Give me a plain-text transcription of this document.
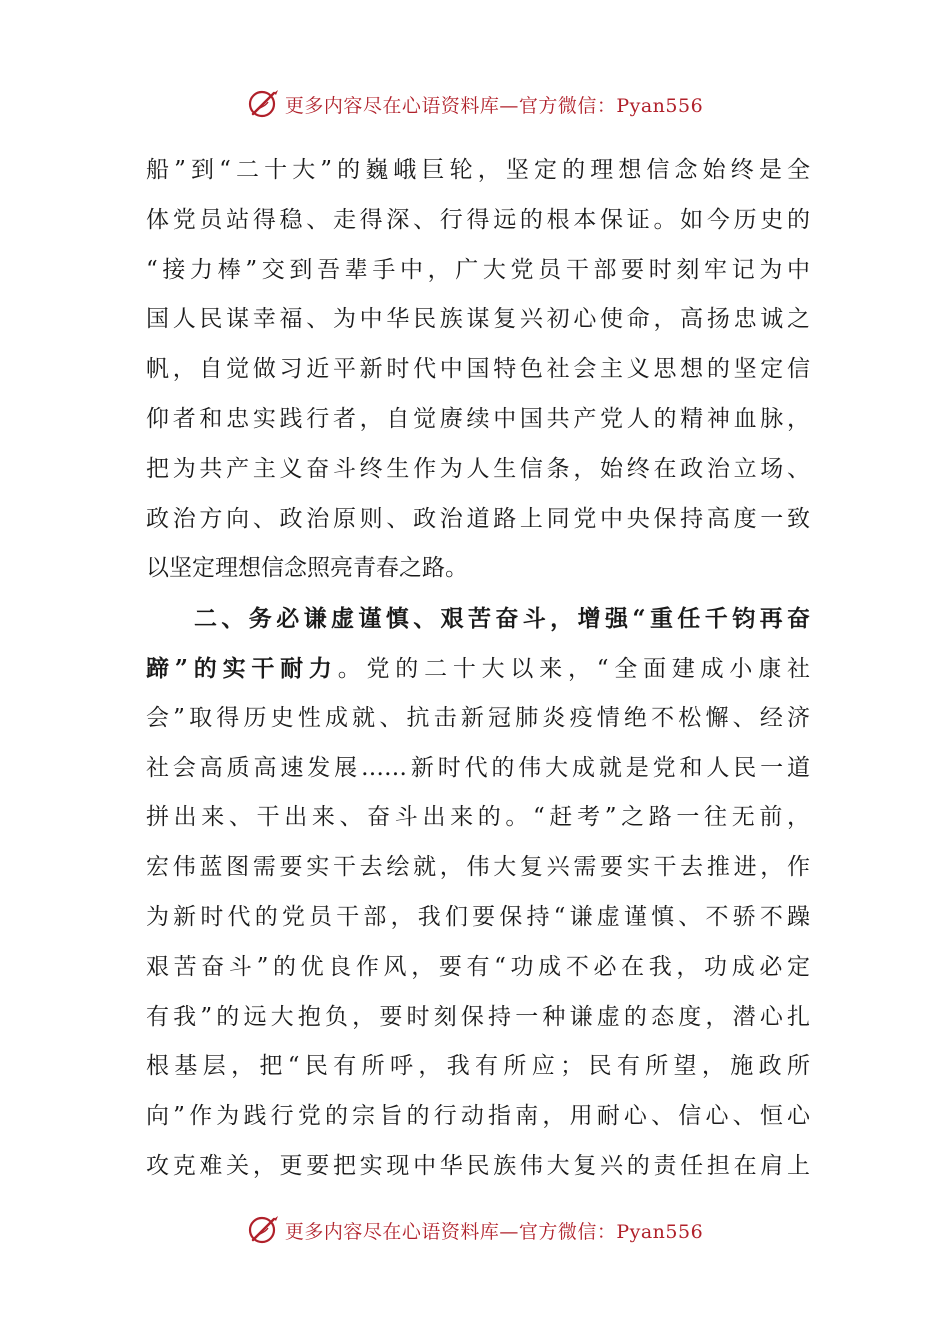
更多内容尽在心语资料库—官方微信：Pyan556
船”到“二十大”的巍峨巨轮，坚定的理想信念始终是全
体党员站得稳、走得深、行得远的根本保证。如今历史的
“接力棒”交到吾辈手中，广大党员干部要时刻牢记为中
国人民谋幸福、为中华民族谋复兴初心使命，高扬忠诚之
帆，自觉做习近平新时代中国特色社会主义思想的坚定信
仰者和忠实践行者，自觉赓续中国共产党人的精神血脉，
把为共产主义奋斗终生作为人生信条，始终在政治立场、
政治方向、政治原则、政治道路上同党中央保持高度一致
以坚定理想信念照亮青春之路。
二、务必谦虚谨慎、艰苦奋斗，增强“重任千钧再奋
蹄”的实干耐力。党的二十大以来，“全面建成小康社
会”取得历史性成就、抗击新冠肺炎疫情绝不松懈、经济
社会高质高速发展……新时代的伟大成就是党和人民一道
拼出来、干出来、奋斗出来的。“赶考”之路一往无前，
宏伟蓝图需要实干去绘就，伟大复兴需要实干去推进，作
为新时代的党员干部，我们要保持“谦虚谨慎、不骄不躁
艰苦奋斗”的优良作风，要有“功成不必在我，功成必定
有我”的远大抱负，要时刻保持一种谦虚的态度，潜心扎
根基层，把“民有所呼，我有所应；民有所望，施政所
向”作为践行党的宗旨的行动指南，用耐心、信心、恒心
攻克难关，更要把实现中华民族伟大复兴的责任担在肩上
更多内容尽在心语资料库—官方微信：Pyan556
